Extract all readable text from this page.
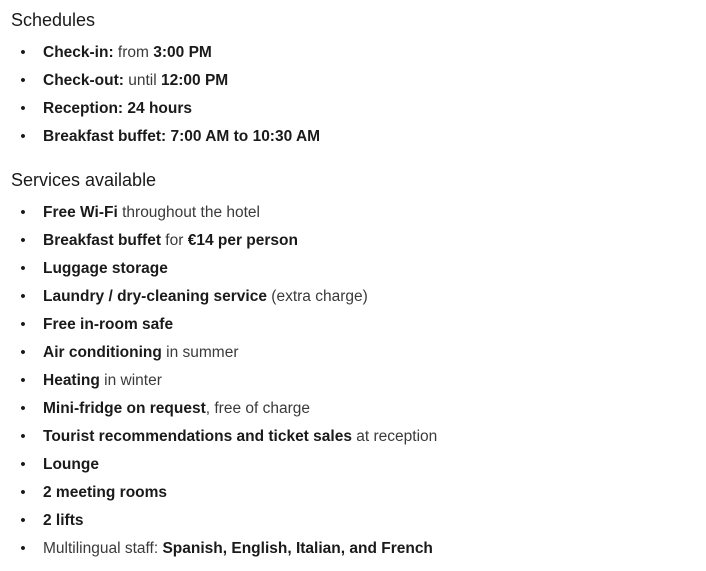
Schedules
• Check-in: from 3:00 PM
• Check-out: until 12:00 PM
• Reception: 24 hours
• Breakfast buffet: 7:00 AM to 10:30 AM
Services available
• Free Wi-Fi throughout the hotel
• Breakfast buffet for €14 per person
• Luggage storage
• Laundry / dry-cleaning service (extra charge)
• Free in-room safe
• Air conditioning in summer
• Heating in winter
• Mini-fridge on request, free of charge
• Tourist recommendations and ticket sales at reception
• Lounge
• 2 meeting rooms
• 2 lifts
• Multilingual staff: Spanish, English, Italian, and French
